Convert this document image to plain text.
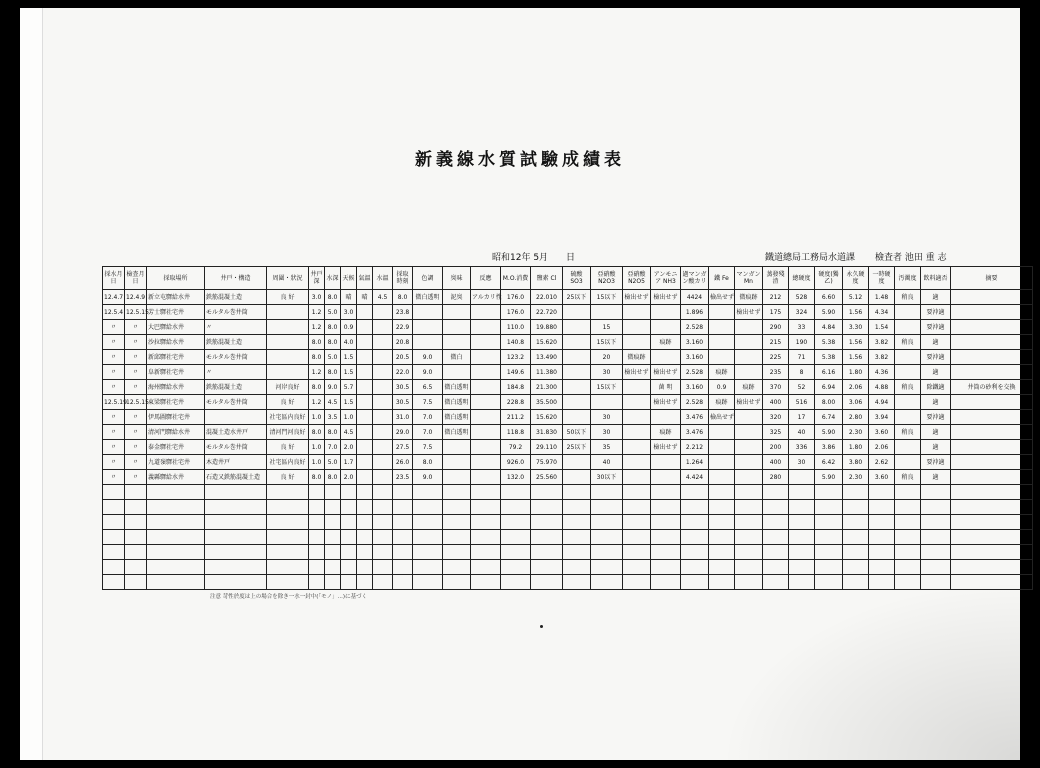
新義線水質試驗成績表
昭和12年 5月　　日	鐵道總局工務局水道課 檢査者 池田 重 志
採水月日	檢查月日	採取場所	井戸・構造	周圍・狀況	井戸深	水深	天候	氣溫	水溫	採取時刻	色調	臭味	反應	M.O.消費	鹽素 Cl	硫酸 SO3	亞硝酸 N2O3	亞硝酸 N2O5	アンモニア NH3	過マンガン酸カリ	鐵 Fe	マンガン Mn	蒸發殘渣	總硬度	硬度(獨乙)	永久硬度	一時硬度	汚濁度	飲料適否	摘要
12.4.7	12.4.9	新立屯驛給水井	鉄筋混凝土造	良 好	3.0	8.0	晴	晴	4.5	8.0	微白透明	泥臭	アルカリ性	176.0	22.010	25以下	15以下	檢出せず	檢出せず	4424	檢出せず	微痕跡	212	528	6.60	5.12	1.48	稍良	適	
12.5.4	12.5.15	芳士驛社宅井	モルタル巻井筒		1.2	5.0	3.0			23.8				176.0	22.720					1.896		檢出せず	175	324	5.90	1.56	4.34		要沖適	
〃	〃	大巴驛給水井	〃		1.2	8.0	0.9			22.9				110.0	19.880		15			2.528			290	33	4.84	3.30	1.54		要沖適	
〃	〃	沙拉驛給水井	鉄筋混凝土造		8.0	8.0	4.0			20.8				140.8	15.620		15以下		痕跡	3.160			215	190	5.38	1.56	3.82	稍良	適	
〃	〃	新邱驛社宅井	モルタル巻井筒		8.0	5.0	1.5			20.5	9.0	微白		123.2	13.490		20	微痕跡		3.160			225	71	5.38	1.56	3.82		要沖適	
〃	〃	阜新驛社宅井	〃		1.2	8.0	1.5			22.0	9.0			149.6	11.380		30	檢出せず	檢出せず	2.528	痕跡		235	8	6.16	1.80	4.36		適	
〃	〃	海州驛給水井	鉄筋混凝土造	河岸良好	8.0	9.0	5.7			30.5	6.5	微白透明		184.8	21.300		15以下		菌 明	3.160	0.9	痕跡	370	52	6.94	2.06	4.88	稍良	除鐵適	井筒の砂利を交換
12.5.19	12.5.15	東梁驛社宅井	モルタル巻井筒	良 好	1.2	4.5	1.5			30.5	7.5	微白透明		228.8	35.500				檢出せず	2.528	痕跡	檢出せず	400	516	8.00	3.06	4.94		適	
〃	〃	伊馬圖驛社宅井		社宅區内良好	1.0	3.5	1.0			31.0	7.0	微白透明		211.2	15.620		30			3.476	檢出せず		320	17	6.74	2.80	3.94		要沖適	
〃	〃	清河門驛給水井	混凝土造水井戸	清河門河良好	8.0	8.0	4.5			29.0	7.0	微白透明		118.8	31.830	50以下	30		痕跡	3.476			325	40	5.90	2.30	3.60	稍良	適	
〃	〃	泰金驛社宅井	モルタル巻井筒	良 好	1.0	7.0	2.0			27.5	7.5			79.2	29.110	25以下	35		檢出せず	2.212			200	336	3.86	1.80	2.06		適	
〃	〃	九道嶺驛社宅井	木造井戸	社宅區内良好	1.0	5.0	1.7			26.0	8.0			926.0	75.970		40			1.264			400	30	6.42	3.80	2.62		要沖適	
〃	〃	義縣驛給水井	石造又鉄筋混凝土造	良 好	8.0	8.0	2.0			23.5	9.0			132.0	25.560		30以下			4.424			280		5.90	2.30	3.60	稍良	適	

注意 苛性於度は上の場合を除き一水一封中(「モノ」...)に基づく
